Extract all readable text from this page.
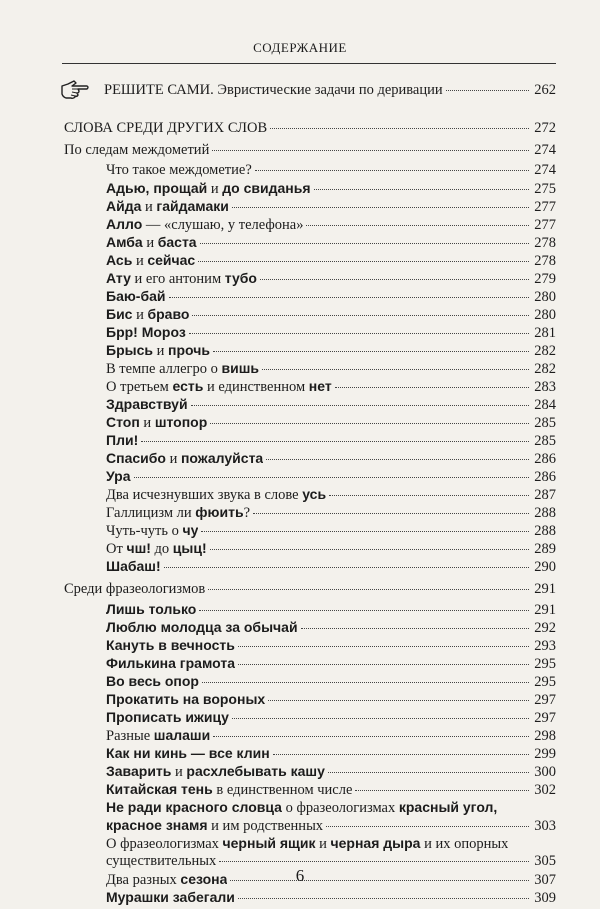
СОДЕРЖАНИЕ
РЕШИТЕ САМИ. Эвристические задачи по деривации	262
СЛОВА СРЕДИ ДРУГИХ СЛОВ	272
По следам междометий	274
Что такое междометие?	274
Адью, прощай и до свиданья	275
Айда и гайдамаки	277
Алло — «слушаю, у телефона»	277
Амба и баста	278
Ась и сейчас	278
Ату и его антоним тубо	279
Баю-бай	280
Бис и браво	280
Брр! Мороз	281
Брысь и прочь	282
В темпе аллегро о вишь	282
О третьем есть и единственном нет	283
Здравствуй	284
Стоп и штопор	285
Пли!	285
Спасибо и пожалуйста	286
Ура	286
Два исчезнувших звука в слове усь	287
Галлицизм ли фюить?	288
Чуть-чуть о чу	288
От чш! до цыц!	289
Шабаш!	290
Среди фразеологизмов	291
Лишь только	291
Люблю молодца за обычай	292
Кануть в вечность	293
Филькина грамота	295
Во весь опор	295
Прокатить на вороных	297
Прописать ижицу	297
Разные шалаши	298
Как ни кинь — все клин	299
Заварить и расхлебывать кашу	300
Китайская тень в единственном числе	302
Не ради красного словца о фразеологизмах красный угол,
красное знамя и им родственных	303
О фразеологизмах черный ящик и черная дыра и их опорных
существительных	305
Два разных сезона	307
Мурашки забегали	309
6
